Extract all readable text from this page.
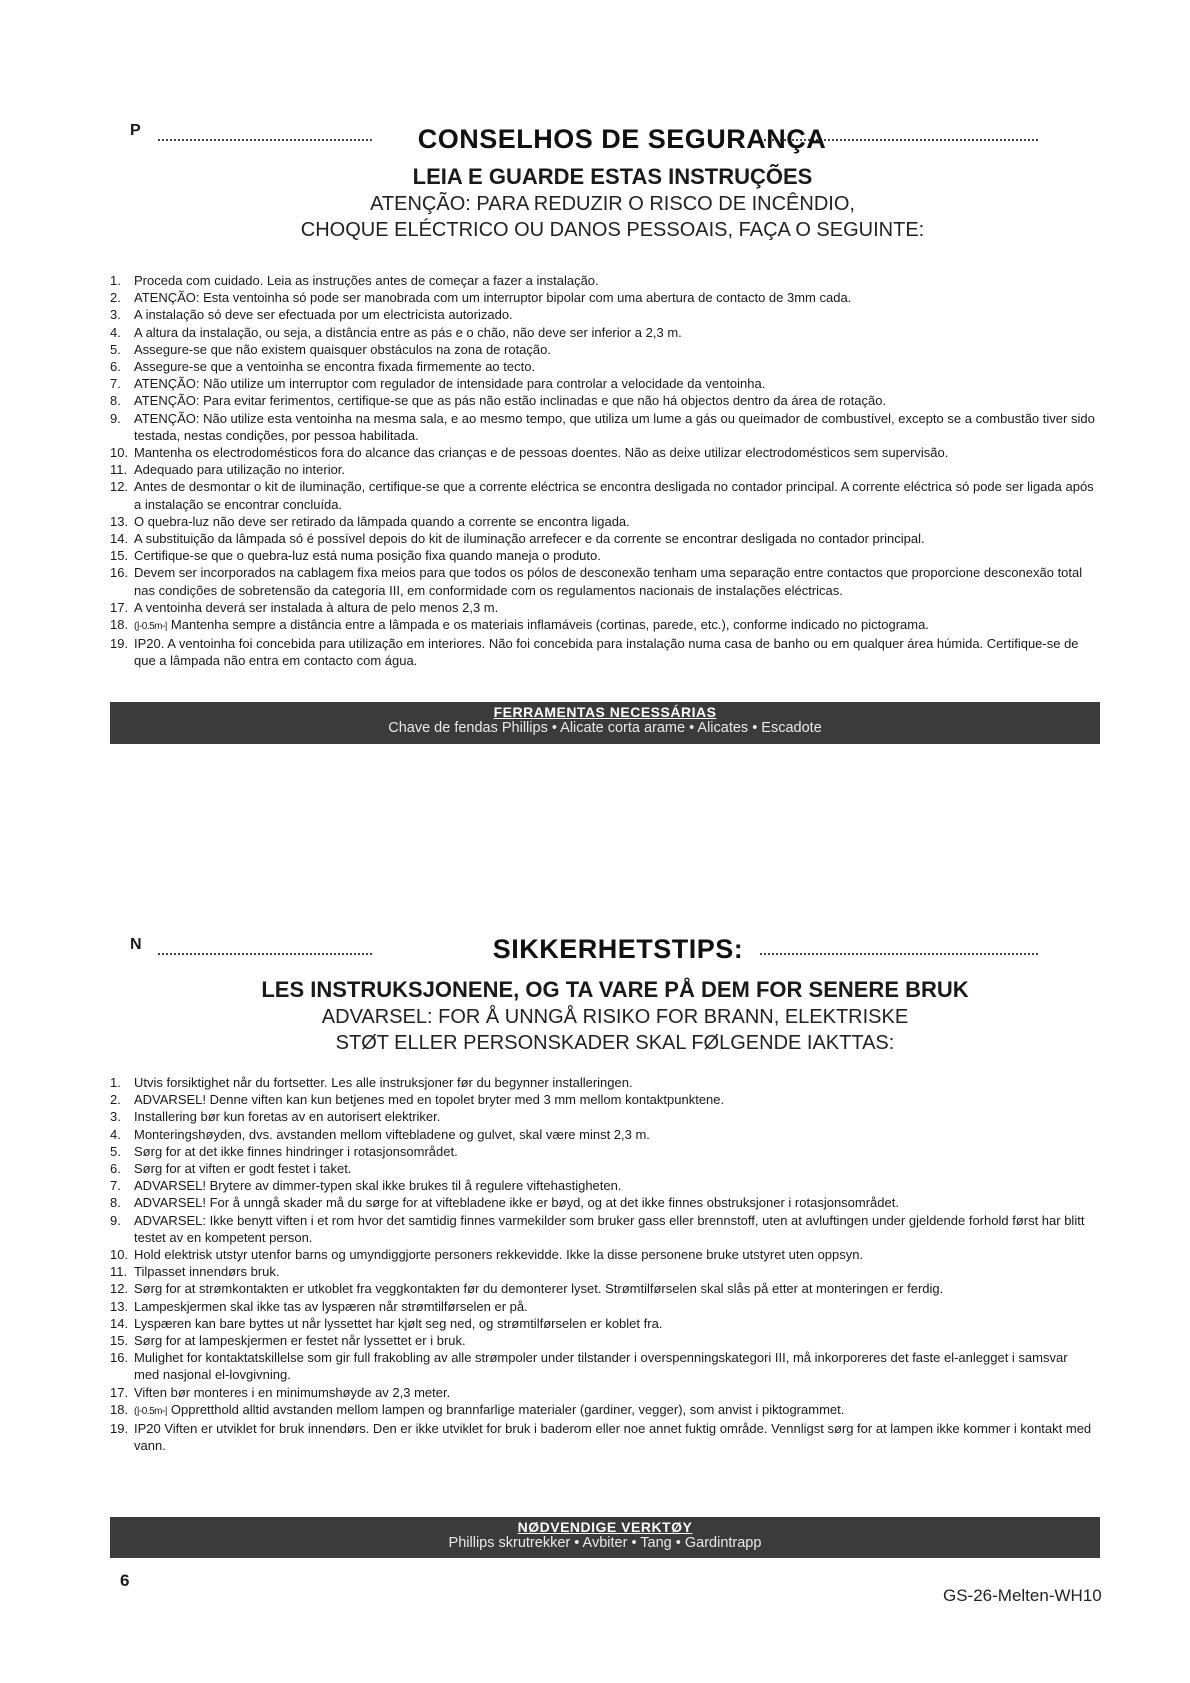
P	CONSELHOS DE SEGURANÇA
LEIA E GUARDE ESTAS INSTRUÇÕES
ATENÇÃO: PARA REDUZIR O RISCO DE INCÊNDIO,
CHOQUE ELÉCTRICO OU DANOS PESSOAIS, FAÇA O SEGUINTE:
1.	Proceda com cuidado. Leia as instruções antes de começar a fazer a instalação.
2.	ATENÇÃO: Esta ventoinha só pode ser manobrada com um interruptor bipolar com uma abertura de contacto de 3mm cada.
3.	A instalação só deve ser efectuada por um electricista autorizado.
4.	A altura da instalação, ou seja, a distância entre as pás e o chão, não deve ser inferior a 2,3 m.
5.	Assegure-se que não existem quaisquer obstáculos na zona de rotação.
6.	Assegure-se que a ventoinha se encontra fixada firmemente ao tecto.
7.	ATENÇÃO: Não utilize um interruptor com regulador de intensidade para controlar a velocidade da ventoinha.
8.	ATENÇÃO: Para evitar ferimentos, certifique-se que as pás não estão inclinadas e que não há objectos dentro da área de rotação.
9.	ATENÇÃO: Não utilize esta ventoinha na mesma sala, e ao mesmo tempo, que utiliza um lume a gás ou queimador de combustível, excepto se a combustão tiver sido testada, nestas condições, por pessoa habilitada.
10. Mantenha os electrodomésticos fora do alcance das crianças e de pessoas doentes. Não as deixe utilizar electrodomésticos sem supervisão.
11. Adequado para utilização no interior.
12. Antes de desmontar o kit de iluminação, certifique-se que a corrente eléctrica se encontra desligada no contador principal. A corrente eléctrica só pode ser ligada após a instalação se encontrar concluída.
13. O quebra-luz não deve ser retirado da lâmpada quando a corrente se encontra ligada.
14. A substituição da lâmpada só é possível depois do kit de iluminação arrefecer e da corrente se encontrar desligada no contador principal.
15. Certifique-se que o quebra-luz está numa posição fixa quando maneja o produto.
16. Devem ser incorporados na cablagem fixa meios para que todos os pólos de desconexão tenham uma separação entre contactos que proporcione desconexão total nas condições de sobretensão da categoria III, em conformidade com os regulamentos nacionais de instalações eléctricas.
17. A ventoinha deverá ser instalada à altura de pelo menos 2,3 m.
18. (|-0.5m-| Mantenha sempre a distância entre a lâmpada e os materiais inflamáveis (cortinas, parede, etc.), conforme indicado no pictograma.
19. IP20. A ventoinha foi concebida para utilização em interiores. Não foi concebida para instalação numa casa de banho ou em qualquer área húmida. Certifique-se de que a lâmpada não entra em contacto com água.
FERRAMENTAS NECESSÁRIAS
Chave de fendas Phillips • Alicate corta arame • Alicates • Escadote
N	SIKKERHETSTIPS:
LES INSTRUKSJONENE, OG TA VARE PÅ DEM FOR SENERE BRUK
ADVARSEL: FOR Å UNNGÅ RISIKO FOR BRANN, ELEKTRISKE
STØT ELLER PERSONSKADER SKAL FØLGENDE IAKTTAS:
1.	Utvis forsiktighet når du fortsetter. Les alle instruksjoner før du begynner installeringen.
2.	ADVARSEL! Denne viften kan kun betjenes med en topolet bryter med 3 mm mellom kontaktpunktene.
3.	Installering bør kun foretas av en autorisert elektriker.
4.	Monteringshøyden, dvs. avstanden mellom viftebladene og gulvet, skal være minst 2,3 m.
5.	Sørg for at det ikke finnes hindringer i rotasjonsområdet.
6.	Sørg for at viften er godt festet i taket.
7.	ADVARSEL! Brytere av dimmer-typen skal ikke brukes til å regulere viftehastigheten.
8.	ADVARSEL! For å unngå skader må du sørge for at viftebladene ikke er bøyd, og at det ikke finnes obstruksjoner i rotasjonsområdet.
9.	ADVARSEL: Ikke benytt viften i et rom hvor det samtidig finnes varmekilder som bruker gass eller brennstoff, uten at avluftingen under gjeldende forhold først har blitt testet av en kompetent person.
10. Hold elektrisk utstyr utenfor barns og umyndiggjorte personers rekkevidde. Ikke la disse personene bruke utstyret uten oppsyn.
11. Tilpasset innendørs bruk.
12. Sørg for at strømkontakten er utkoblet fra veggkontakten før du demonterer lyset. Strømtilførselen skal slås på etter at monteringen er ferdig.
13. Lampeskjermen skal ikke tas av lyspæren når strømtilførselen er på.
14. Lyspæren kan bare byttes ut når lyssettet har kjølt seg ned, og strømtilførselen er koblet fra.
15. Sørg for at lampeskjermen er festet når lyssettet er i bruk.
16. Mulighet for kontaktatskillelse som gir full frakobling av alle strømpoler under tilstander i overspenningskategori III, må inkorporeres det faste el-anlegget i samsvar med nasjonal el-lovgivning.
17. Viften bør monteres i en minimumshøyde av 2,3 meter.
18. (|-0.5m-| Oppretthold alltid avstanden mellom lampen og brannfarlige materialer (gardiner, vegger), som anvist i piktogrammet.
19. IP20 Viften er utviklet for bruk innendørs. Den er ikke utviklet for bruk i baderom eller noe annet fuktig område. Vennligst sørg for at lampen ikke kommer i kontakt med vann.
NØDVENDIGE VERKTØY
Phillips skrutrekker • Avbiter • Tang • Gardintrapp
6
GS-26-Melten-WH10
